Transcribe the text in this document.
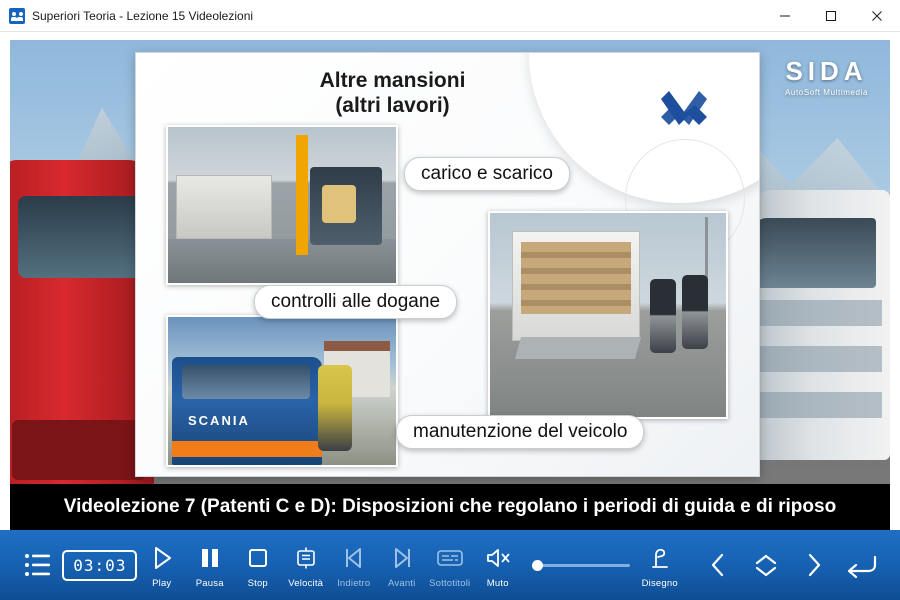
Superiori Teoria - Lezione 15 Videolezioni
SIDA
AutoSoft Multimedia
Altre mansioni
(altri lavori)
SCANIA
carico e scarico
controlli alle dogane
manutenzione del veicolo
Videolezione 7 (Patenti C e D): Disposizioni che regolano i periodi di guida e di riposo
03:03
Play	Pausa	Stop Velocità Indietro Avanti Sottotitoli Muto	Disegno
